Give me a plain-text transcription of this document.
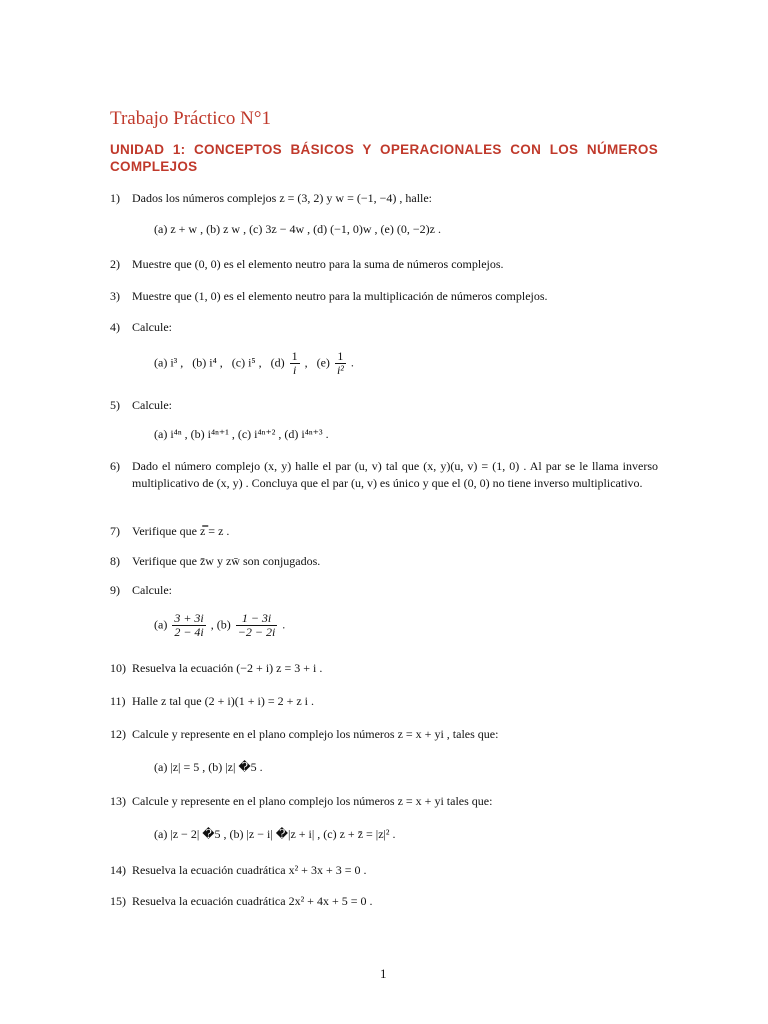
Trabajo Práctico N°1
UNIDAD 1: CONCEPTOS BÁSICOS Y OPERACIONALES CON LOS NÚMEROS COMPLEJOS
1)	Dados los números complejos z = (3, 2) y w = (−1, −4) , halle:
(a) z + w , (b) z w , (c) 3z − 4w , (d) (−1, 0)w , (e) (0, −2)z .
2)	Muestre que (0, 0) es el elemento neutro para la suma de números complejos.
3)	Muestre que (1, 0) es el elemento neutro para la multiplicación de números complejos.
4)	Calcule:
(a) i³ , (b) i⁴ , (c) i⁵ , $(d) \frac{1}{i}$ ,   $(e) \frac{1}{\text{i²}}$ .
5)	Calcule:
(a) i⁴ⁿ , (b) i⁴ⁿ⁺¹ , (c) i⁴ⁿ⁺² , (d) i⁴ⁿ⁺³ .
6)	Dado el número complejo (x, y) halle el par (u, v) tal que (x, y)(u, v) = (1, 0) . Al par se le llama inverso multiplicativo de (x, y) . Concluya que el par (u, v) es único y que el (0, 0) no tiene inverso multiplicativo.
7)	Verifique que z̿ = z .
8)	Verifique que z̄w y zw̄ son conjugados.
9)	Calcule:
$(a) \frac{3 + 3i}{2 - 4i}$ , $(b) \frac{1 - 3i}{-2 - 2i}$ .
10) Resuelva la ecuación (−2 + i) z = 3 + i .
11) Halle z tal que (2 + i)(1 + i) = 2 + z i .
12) Calcule y represente en el plano complejo los números z = x + yi , tales que:
(a) |z| = 5 , (b) |z| �5 .
13) Calcule y represente en el plano complejo los números z = x + yi tales que:
(a) |z − 2| �5 , (b) |z − i| �|z + i| , (c) z + z̄ = |z|² .
14) Resuelva la ecuación cuadrática x² + 3x + 3 = 0 .
15) Resuelva la ecuación cuadrática 2x² + 4x + 5 = 0 .
1
